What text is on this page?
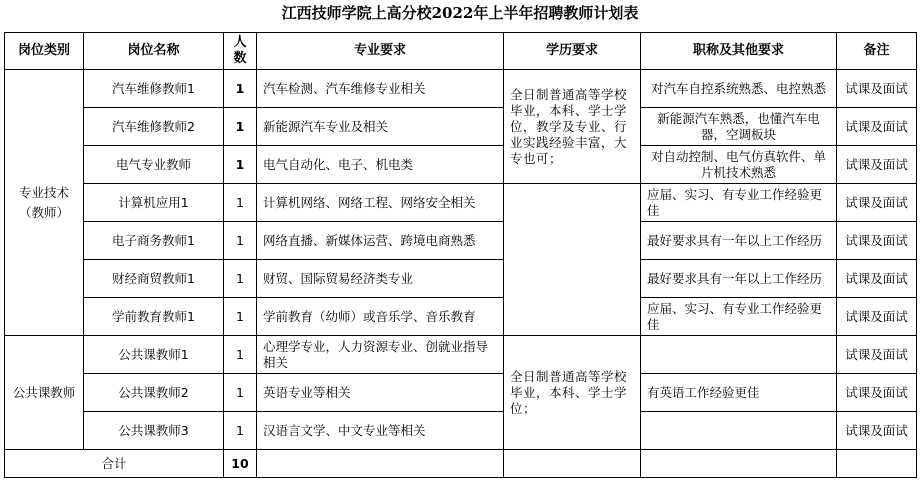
江西技师学院上高分校2022年上半年招聘教师计划表
岗位类别	岗位名称	人数	专业要求	学历要求	职称及其他要求	备注
专业技术（教师）	汽车维修教师1	1	汽车检测、汽车维修专业相关	全日制普通高等学校毕业，本科、学士学位，教学及专业、行业实践经验丰富，大专也可；	对汽车自控系统熟悉、电控熟悉	试课及面试
	汽车维修教师2	1	新能源汽车专业及相关		新能源汽车熟悉，也懂汽车电器，空调板块	试课及面试
	电气专业教师	1	电气自动化、电子、机电类		对自动控制、电气仿真软件、单片机技术熟悉	试课及面试
	计算机应用1	1	计算机网络、网络工程、网络安全相关		应届、实习、有专业工作经验更佳	试课及面试
	电子商务教师1	1	网络直播、新媒体运营、跨境电商熟悉		最好要求具有一年以上工作经历	试课及面试
	财经商贸教师1	1	财贸、国际贸易经济类专业		最好要求具有一年以上工作经历	试课及面试
	学前教育教师1	1	学前教育（幼师）或音乐学、音乐教育		应届、实习、有专业工作经验更佳	试课及面试
公共课教师	公共课教师1	1	心理学专业，人力资源专业、创就业指导相关	全日制普通高等学校毕业，本科、学士学位；		试课及面试
	公共课教师2	1	英语专业等相关		有英语工作经验更佳	试课及面试
	公共课教师3	1	汉语言文学、中文专业等相关			试课及面试
合计		10				
